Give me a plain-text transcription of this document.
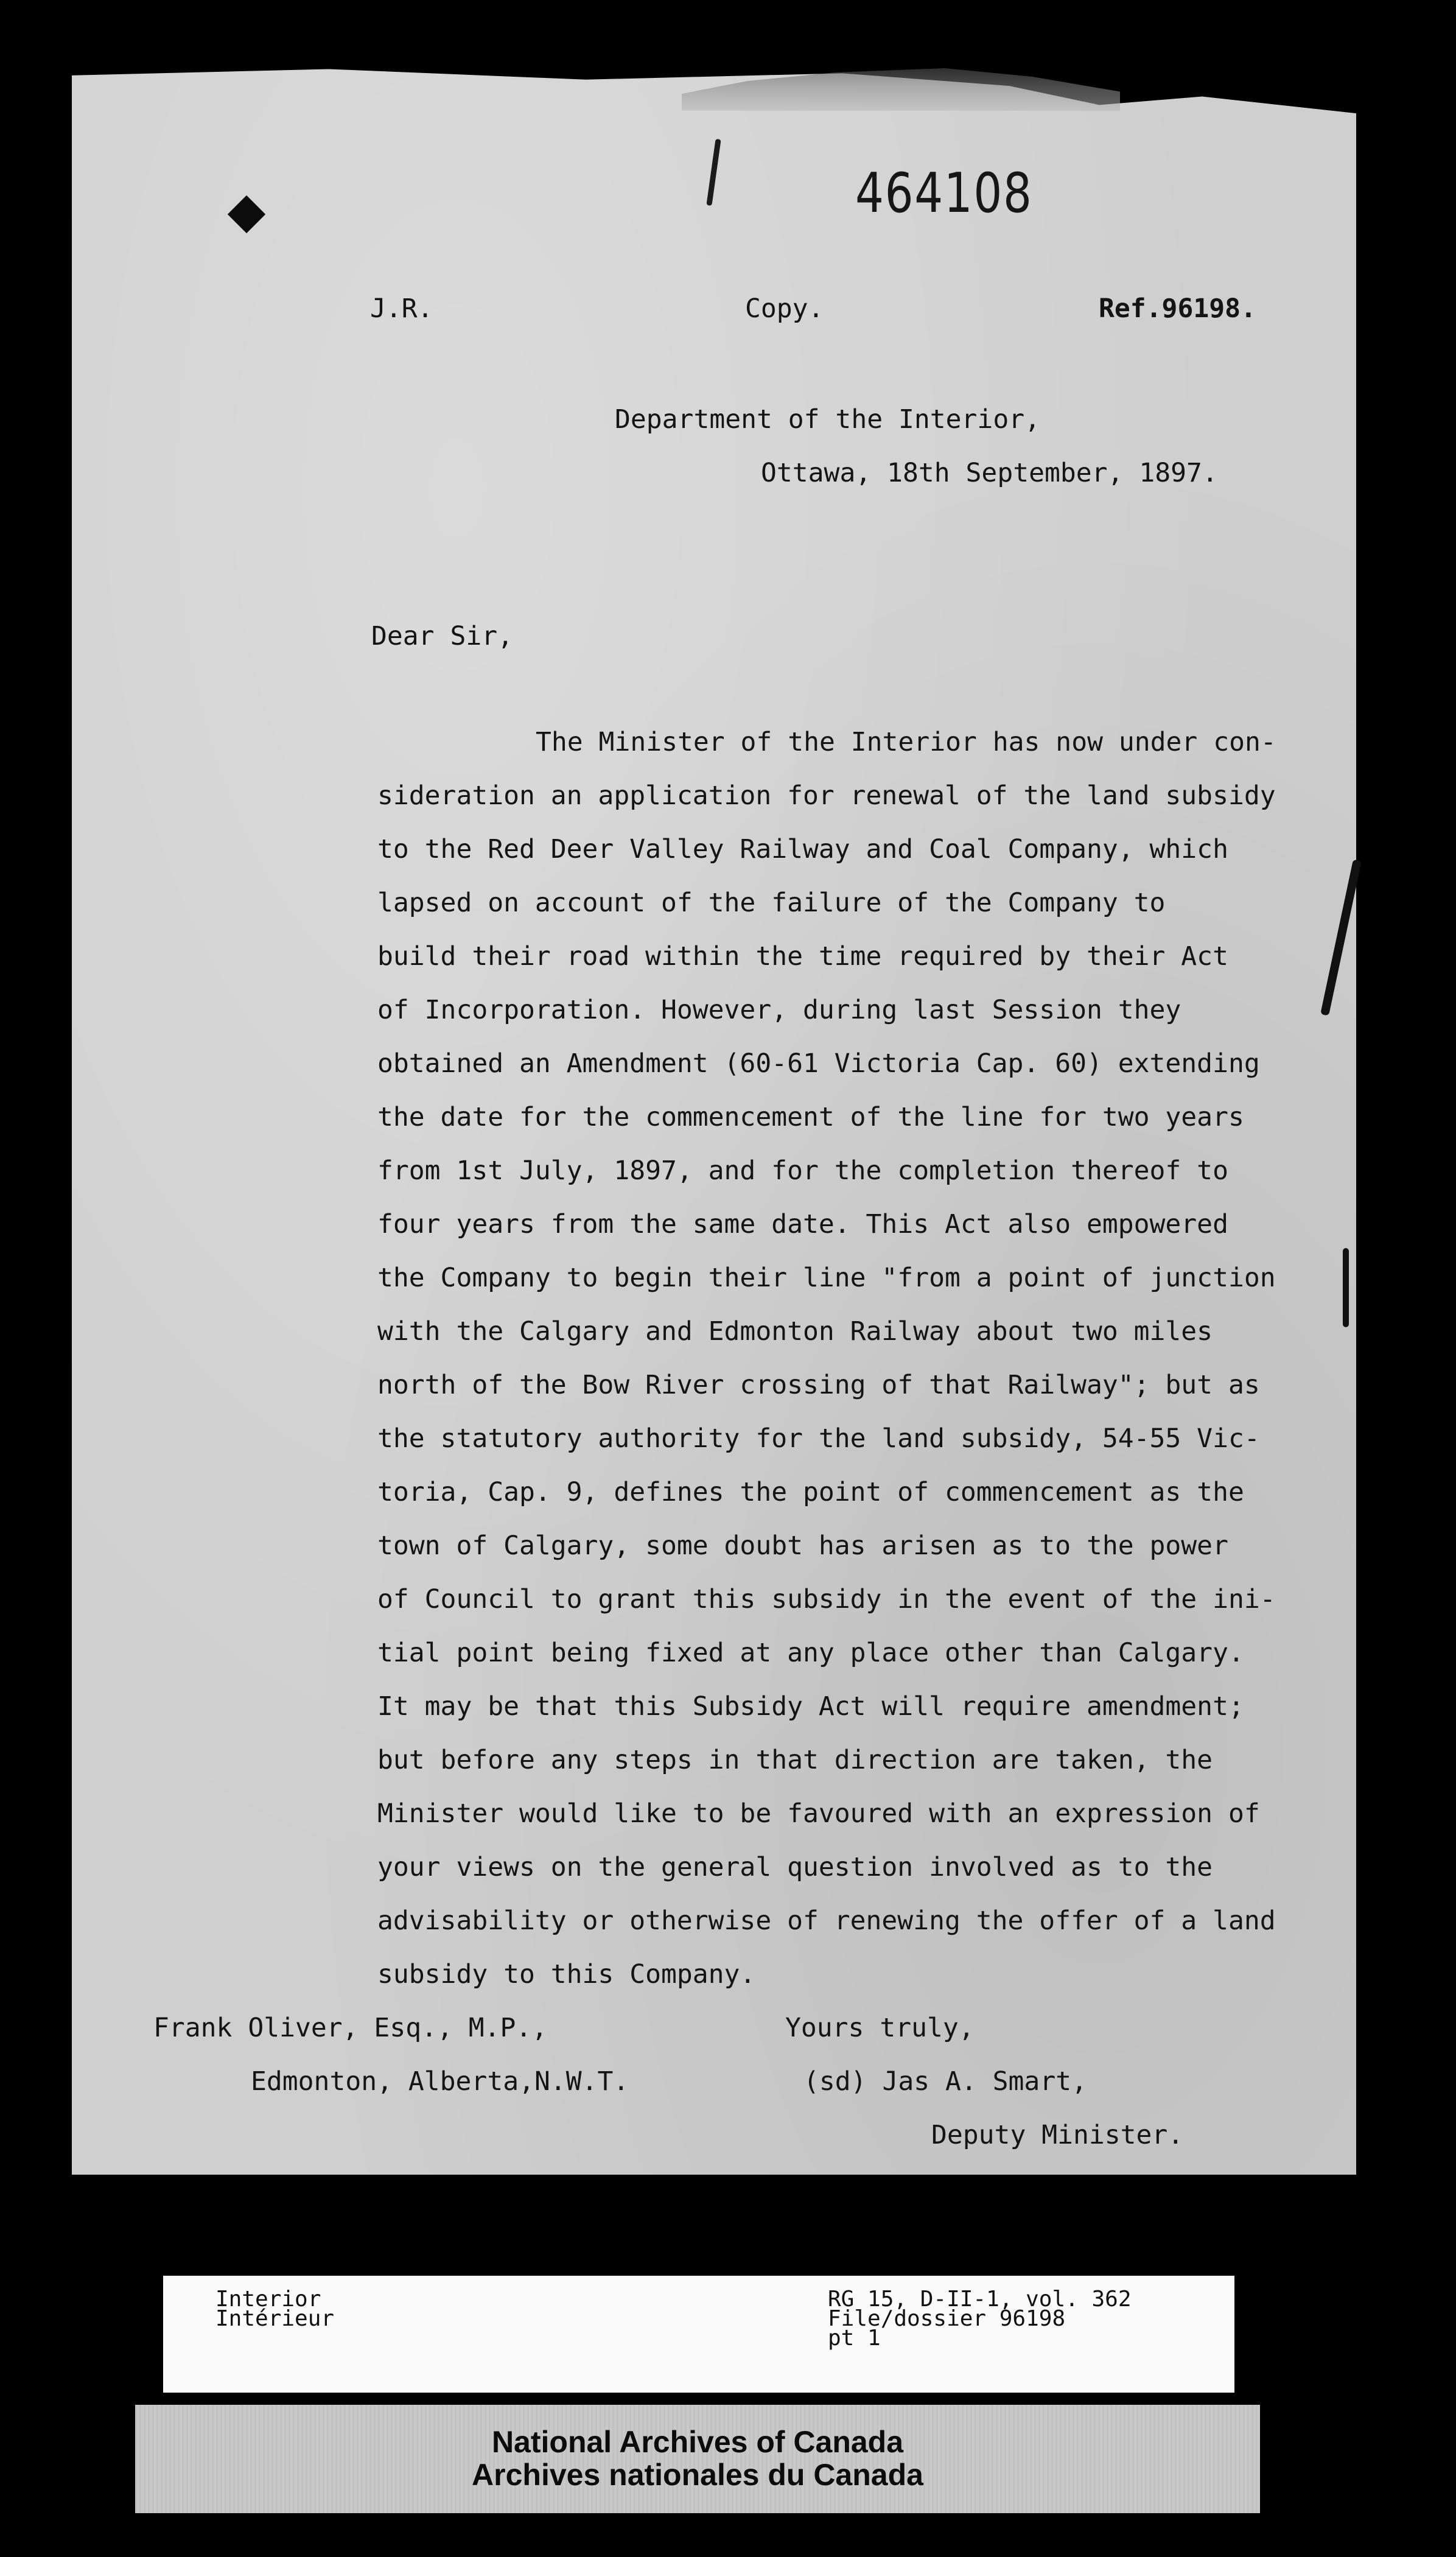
464108
J.R.	Copy.	Ref.96198.
Department of the Interior,
Ottawa, 18th September, 1897.
Dear Sir,
The Minister of the Interior has now under con-
sideration an application for renewal of the land subsidy
to the Red Deer Valley Railway and Coal Company, which
lapsed on account of the failure of the Company to
build their road within the time required by their Act
of Incorporation. However, during last Session they
obtained an Amendment (60-61 Victoria Cap. 60) extending
the date for the commencement of the line for two years
from 1st July, 1897, and for the completion thereof to
four years from the same date. This Act also empowered
the Company to begin their line "from a point of junction
with the Calgary and Edmonton Railway about two miles
north of the Bow River crossing of that Railway"; but as
the statutory authority for the land subsidy, 54-55 Vic-
toria, Cap. 9, defines the point of commencement as the
town of Calgary, some doubt has arisen as to the power
of Council to grant this subsidy in the event of the ini-
tial point being fixed at any place other than Calgary.
It may be that this Subsidy Act will require amendment;
but before any steps in that direction are taken, the
Minister would like to be favoured with an expression of
your views on the general question involved as to the
advisability or otherwise of renewing the offer of a land
subsidy to this Company.
Frank Oliver, Esq., M.P.,
Edmonton, Alberta,N.W.T.
Yours truly,
(sd) Jas A. Smart,
Deputy Minister.
Interior
Intérieur
RG 15, D-II-1, vol. 362
File/dossier 96198
pt 1
National Archives of Canada
Archives nationales du Canada
